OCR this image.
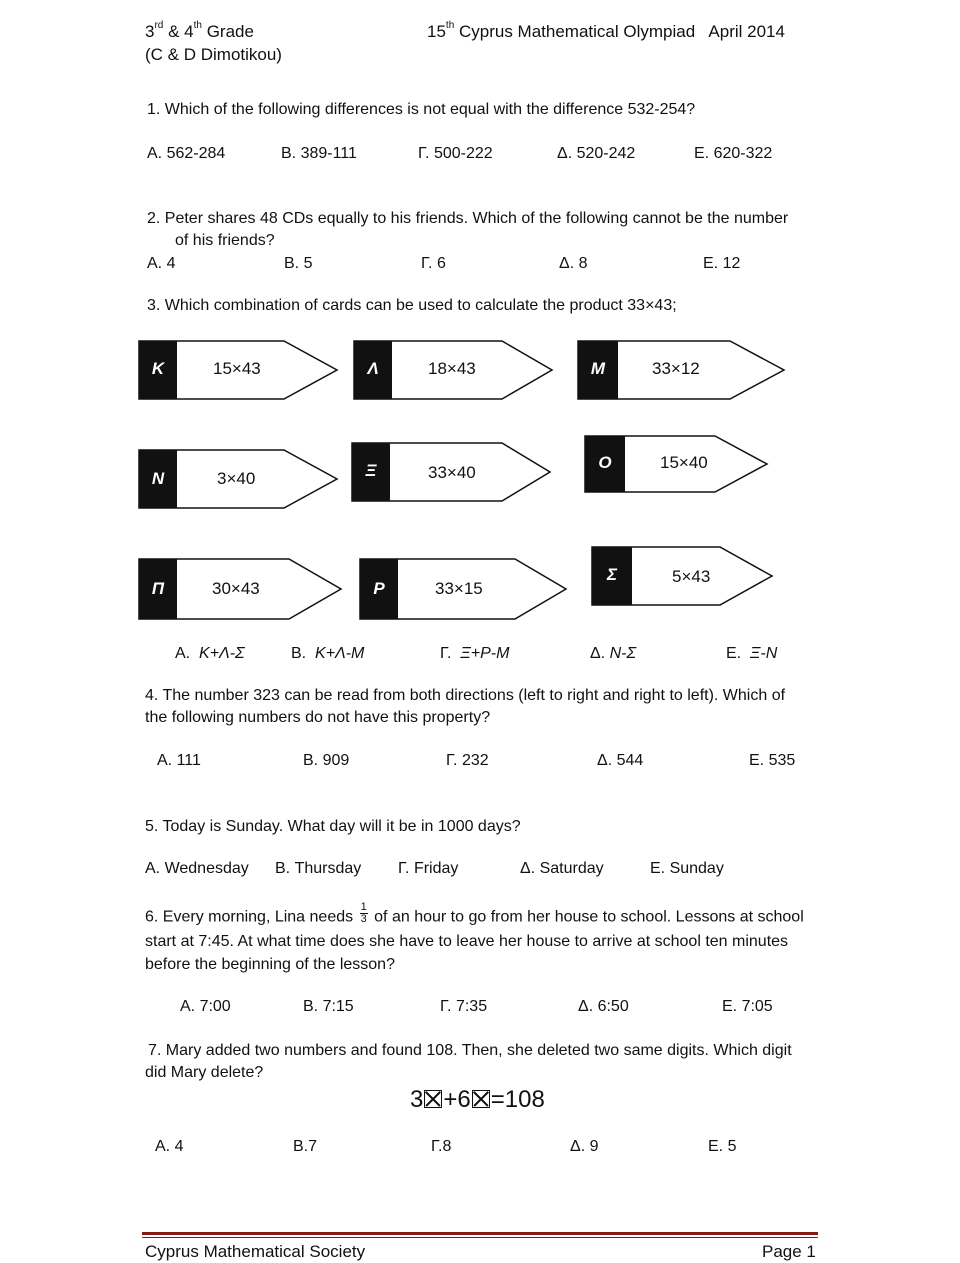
3rd & 4th Grade	15th Cyprus Mathematical Olympiad   April 2014
(C & D Dimotikou)
1. Which of the following differences is not equal with the difference 532-254?
Α. 562-284	Β. 389-111	Γ. 500-222	Δ. 520-242	Ε. 620-322
2. Peter shares 48 CDs equally to his friends. Which of the following cannot be the number
of his friends?
Α. 4	Β. 5	Γ. 6	Δ. 8	Ε. 12
3. Which combination of cards can be used to calculate the product 33×43;
Κ	15×43	Λ	18×43	Μ	33×12
Ν	3×40	Ξ	33×40
Ο	15×40
Π	30×43	Ρ	33×15
Σ	5×43
Α.  Κ+Λ-Σ	Β.  Κ+Λ-Μ	Γ.  Ξ+Ρ-Μ	Δ. Ν-Σ	Ε.  Ξ-Ν
4. The number 323 can be read from both directions (left to right and right to left). Which of
the following numbers do not have this property?
Α. 111	Β. 909	Γ. 232	Δ. 544	Ε. 535
5. Today is Sunday. What day will it be in 1000 days?
Α. Wednesday Β. Thursday Γ. Friday	Δ. Saturday	Ε. Sunday
6. Every morning, Lina needs $\frac{1}{3}$ of an hour to go from her house to school. Lessons at school
start at 7:45. At what time does she have to leave her house to arrive at school ten minutes
before the beginning of the lesson?
Α. 7:00	Β. 7:15	Γ. 7:35	Δ. 6:50	Ε. 7:05
7. Mary added two numbers and found 108. Then, she deleted two same digits. Which digit
did Mary delete?
3☒+6☒=108
Α. 4	Β.7	Γ.8	Δ. 9	Ε. 5
Cyprus Mathematical Society	Page 1
